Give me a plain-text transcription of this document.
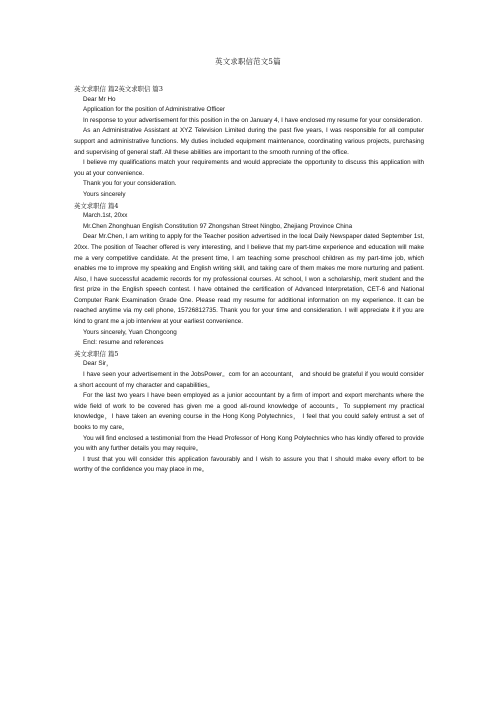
英文求职信范文5篇

英文求职信 篇2英文求职信 篇3

Dear Mr Ho

Application for the position of Administrative Officer

In response to your advertisement for this position in the on January 4, I have enclosed my resume for your consideration.

As an Administrative Assistant at XYZ Television Limited during the past five years, I was responsible for all computer support and administrative functions. My duties included equipment maintenance, coordinating various projects, purchasing and supervising of general staff. All these abilities are important to the smooth running of the office.

I believe my qualifications match your requirements and would appreciate the opportunity to discuss this application with you at your convenience.

Thank you for your consideration.

Yours sincerely

英文求职信 篇4

March.1st, 20xx

Mr.Chen Zhonghuan English Constitution 97 Zhongshan Street Ningbo, Zhejiang Province China

Dear Mr.Chen, I am writing to apply for the Teacher position advertised in the local Daily Newspaper dated September 1st, 20xx. The position of Teacher offered is very interesting, and I believe that my part-time experience and education will make me a very competitive candidate. At the present time, I am teaching some preschool children as my part-time job, which enables me to improve my speaking and English writing skill, and taking care of them makes me more nurturing and patient. Also, I have successful academic records for my professional courses. At school, I won a scholarship, merit student and the first prize in the English speech contest. I have obtained the certification of Advanced Interpretation, CET-6 and National Computer Rank Examination Grade One. Please read my resume for additional information on my experience. It can be reached anytime via my cell phone, 15726812735. Thank you for your time and consideration. I will appreciate it if you are kind to grant me a job interview at your earliest convenience.

Yours sincerely, Yuan Chongcong

Encl: resume and references

英文求职信 篇5

Dear Sir，

I have seen your advertisement in the JobsPower。com for an accountant， and should be grateful if you would consider a short account of my character and capabilities。

For the last two years I have been employed as a junior accountant by a firm of import and export merchants where the wide field of work to be covered has given me a good all-round knowledge of accounts。To supplement my practical knowledge，I have taken an evening course in the Hong Kong Polytechnics， I feel that you could safely entrust a set of books to my care。

You will find enclosed a testimonial from the Head Professor of Hong Kong Polytechnics who has kindly offered to provide you with any further details you may require。

I trust that you will consider this application favourably and I wish to assure you that I should make every effort to be worthy of the confidence you may place in me。
